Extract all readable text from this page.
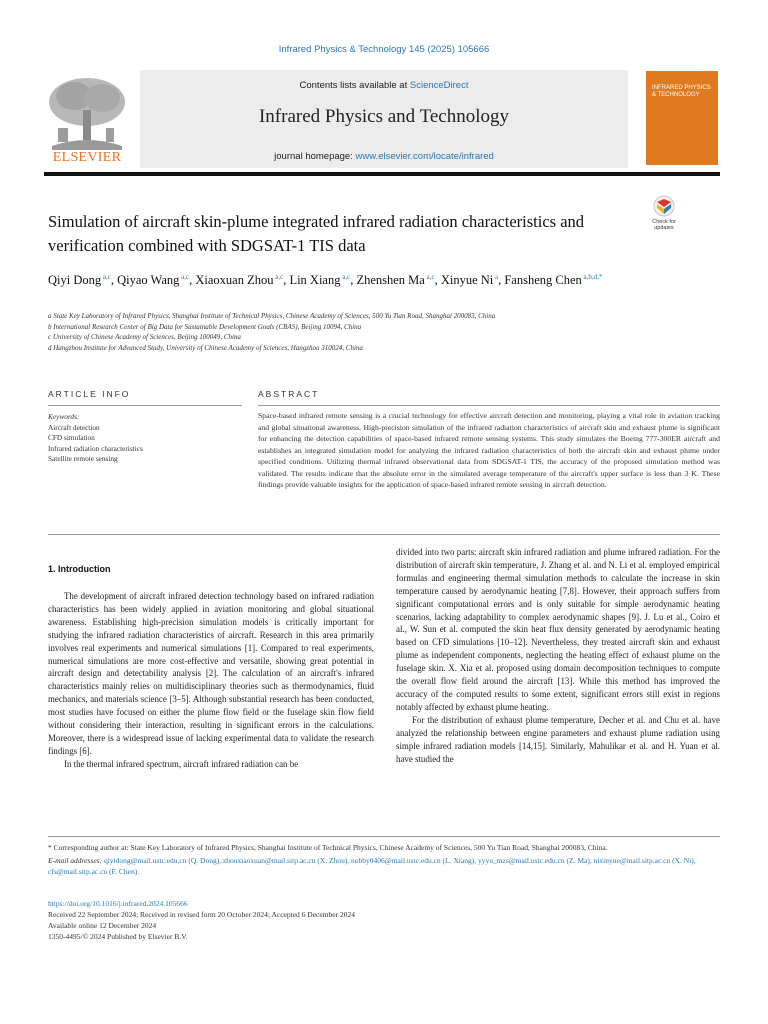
Infrared Physics & Technology 145 (2025) 105666
Contents lists available at ScienceDirect
Infrared Physics and Technology
journal homepage: www.elsevier.com/locate/infrared
ELSEVIER
INFRARED PHYSICS & TECHNOLOGY
Simulation of aircraft skin-plume integrated infrared radiation characteristics and verification combined with SDGSAT-1 TIS data
Check for
updates
Qiyi Dong $^{a,c}$, Qiyao Wang $^{a,c}$, Xiaoxuan Zhou $^{a,c}$, Lin Xiang $^{a,c}$, Zhenshen Ma $^{a,c}$, Xinyue Ni $^a$, Fansheng Chen $^{a,b,d,*}$
a State Key Laboratory of Infrared Physics, Shanghai Institute of Technical Physics, Chinese Academy of Sciences, 500 Yu Tian Road, Shanghai 200083, China
b International Research Center of Big Data for Sustainable Development Goals (CBAS), Beijing 10094, China
c University of Chinese Academy of Sciences, Beijing 100049, China
d Hangzhou Institute for Advanced Study, University of Chinese Academy of Sciences, Hangzhou 310024, China
ARTICLE INFO	ABSTRACT
Keywords:
Aircraft detection
CFD simulation
Infrared radiation characteristics
Satellite remote sensing
Space-based infrared remote sensing is a crucial technology for effective aircraft detection and monitoring, playing a vital role in aviation tracking and global situational awareness. High-precision simulation of the infrared radiation characteristics of aircraft skin and exhaust plume is significant for enhancing the detection capabilities of space-based infrared remote sensing systems. This study simulates the Boeing 777-300ER aircraft and establishes an integrated simulation model for analyzing the infrared radiation characteristics of both the aircraft skin and exhaust plume under specified conditions. Utilizing thermal infrared observational data from SDGSAT-1 TIS, the accuracy of the proposed simulation method was validated. The results indicate that the absolute error in the simulated average temperature of the aircraft's upper surface is less than 3 K. These findings provide valuable insights for the application of space-based infrared remote sensing in aircraft detection.
1. Introduction

The development of aircraft infrared detection technology based on infrared radiation characteristics has been widely applied in aviation monitoring and global situational awareness. Establishing high-precision simulation models is critically important for studying the infrared radiation characteristics of aircraft. Research in this area primarily involves real experiments and numerical simulations [1]. Compared to real experiments, numerical simulations are more cost-effective and versatile, showing great potential in aircraft design and detectability analysis [2]. The calculation of an aircraft's infrared characteristics mainly relies on multidisciplinary theories such as thermodynamics, fluid mechanics, and materials science [3–5]. Although substantial research has been conducted, most studies have focused on either the plume flow field or the fuselage skin flow field without considering their interaction, resulting in significant errors in the calculations. Moreover, there is a widespread issue of lacking experimental data to validate the research findings [6].

In the thermal infrared spectrum, aircraft infrared radiation can be

divided into two parts: aircraft skin infrared radiation and plume infrared radiation. For the distribution of aircraft skin temperature, J. Zhang et al. and N. Li et al. employed empirical formulas and engineering thermal simulation methods to calculate the increase in skin temperature caused by aerodynamic heating [7,8]. However, their approach suffers from significant computational errors and is only suitable for simple aerodynamic heating scenarios, lacking adaptability to complex aerodynamic shapes [9]. J. Lu et al., Coiro et al., W. Sun et al. computed the skin heat flux density generated by aerodynamic heating based on CFD simulations [10–12]. Nevertheless, they treated aircraft skin and exhaust plume as independent components, neglecting the heating effect of exhaust plume on the fuselage skin. X. Xia et al. proposed using domain decomposition techniques to compute the overall flow field around the aircraft [13]. While this method has improved the accuracy of the computed results to some extent, significant errors still exist in regions notably affected by exhaust plume heating.

For the distribution of exhaust plume temperature, Decher et al. and Chu et al. have analyzed the relationship between engine parameters and exhaust plume radiation using simple infrared radiation models [14,15]. Similarly, Mahulikar et al. and H. Yuan et al. have studied the

* Corresponding author at: State Key Laboratory of Infrared Physics, Shanghai Institute of Technical Physics, Chinese Academy of Sciences, 500 Yu Tian Road, Shanghai 200083, China.

E-mail addresses: qiyidong@mail.ustc.edu.cn (Q. Dong), zhouxiaoxuan@mail.sitp.ac.cn (X. Zhou), nobby0406@mail.ustc.edu.cn (L. Xiang), yyyu_mzs@mail.ustc.edu.cn (Z. Ma), nixinyue@mail.sitp.ac.cn (X. Ni), cfs@mail.sitp.ac.cn (F. Chen).

https://doi.org/10.1016/j.infrared.2024.105666
Received 22 September 2024; Received in revised form 20 October 2024; Accepted 6 December 2024
Available online 12 December 2024
1350-4495/© 2024 Published by Elsevier B.V.
